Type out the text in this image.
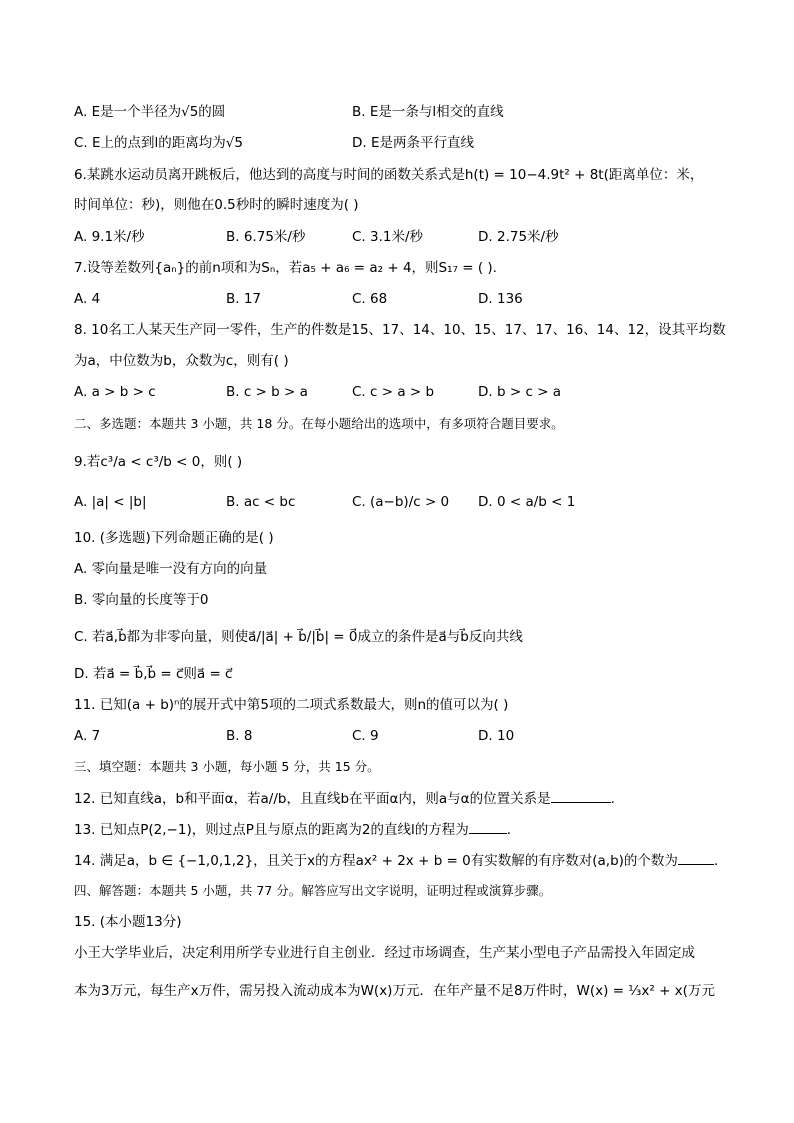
A. E是一个半径为√5的圆	B. E是一条与l相交的直线
C. E上的点到l的距离均为√5	D. E是两条平行直线
6.某跳水运动员离开跳板后，他达到的高度与时间的函数关系式是h(t) = 10−4.9t² + 8t(距离单位：米，
时间单位：秒)，则他在0.5秒时的瞬时速度为( )
A. 9.1米/秒	B. 6.75米/秒	C. 3.1米/秒	D. 2.75米/秒
7.设等差数列{aₙ}的前n项和为Sₙ，若a₅ + a₆ = a₂ + 4，则S₁₇ = ( ).
A. 4	B. 17	C. 68	D. 136
8. 10名工人某天生产同一零件，生产的件数是15、17、14、10、15、17、17、16、14、12，设其平均数
为a，中位数为b，众数为c，则有( )
A. a > b > c	B. c > b > a	C. c > a > b	D. b > c > a
二、多选题：本题共 3 小题，共 18 分。在每小题给出的选项中，有多项符合题目要求。
9.若c³/a < c³/b < 0，则( )
A. |a| < |b|	B. ac < bc	C. (a−b)/c > 0 D. 0 < a/b < 1
10. (多选题)下列命题正确的是( )
A. 零向量是唯一没有方向的向量
B. 零向量的长度等于0
C. 若a⃗,b⃗都为非零向量，则使a⃗/|a⃗| + b⃗/|b⃗| = 0⃗成立的条件是a⃗与b⃗反向共线
D. 若a⃗ = b⃗,b⃗ = c⃗则a⃗ = c⃗
11. 已知(a + b)ⁿ的展开式中第5项的二项式系数最大，则n的值可以为( )
A. 7	B. 8	C. 9	D. 10
三、填空题：本题共 3 小题，每小题 5 分，共 15 分。
12. 已知直线a，b和平面α，若a//b，且直线b在平面α内，则a与α的位置关系是	.
13. 已知点P(2,−1)，则过点P且与原点的距离为2的直线l的方程为	.
14. 满足a，b ∈ {−1,0,1,2}，且关于x的方程ax² + 2x + b = 0有实数解的有序数对(a,b)的个数为	.
四、解答题：本题共 5 小题，共 77 分。解答应写出文字说明，证明过程或演算步骤。
15. (本小题13分)
小王大学毕业后，决定利用所学专业进行自主创业．经过市场调查，生产某小型电子产品需投入年固定成
本为3万元，每生产x万件，需另投入流动成本为W(x)万元．在年产量不足8万件时，W(x) = ⅓x² + x(万元
